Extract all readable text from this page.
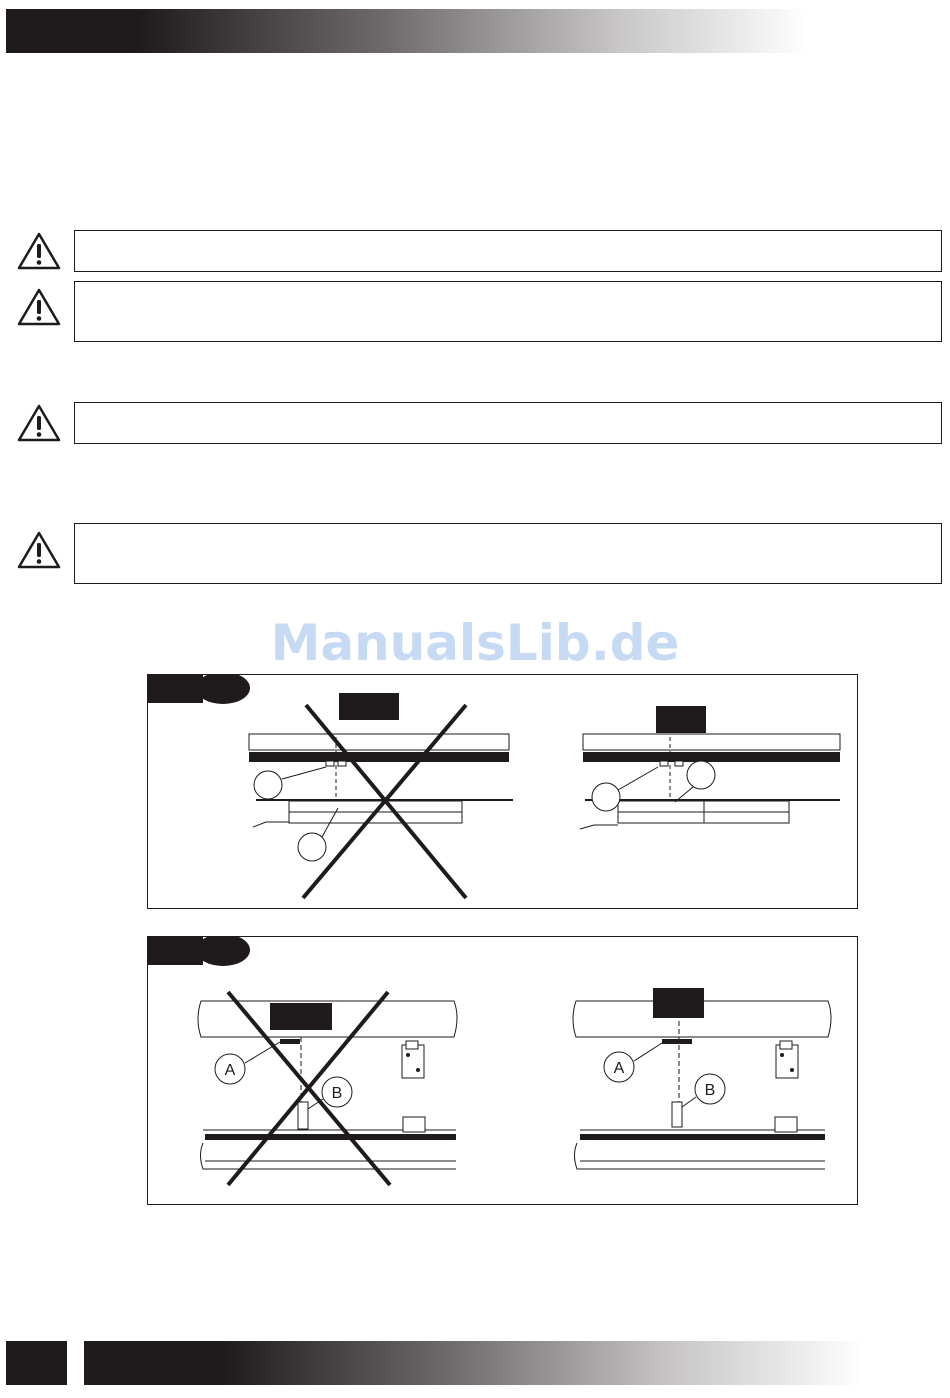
ManualsLib.de
A
B
A
B
